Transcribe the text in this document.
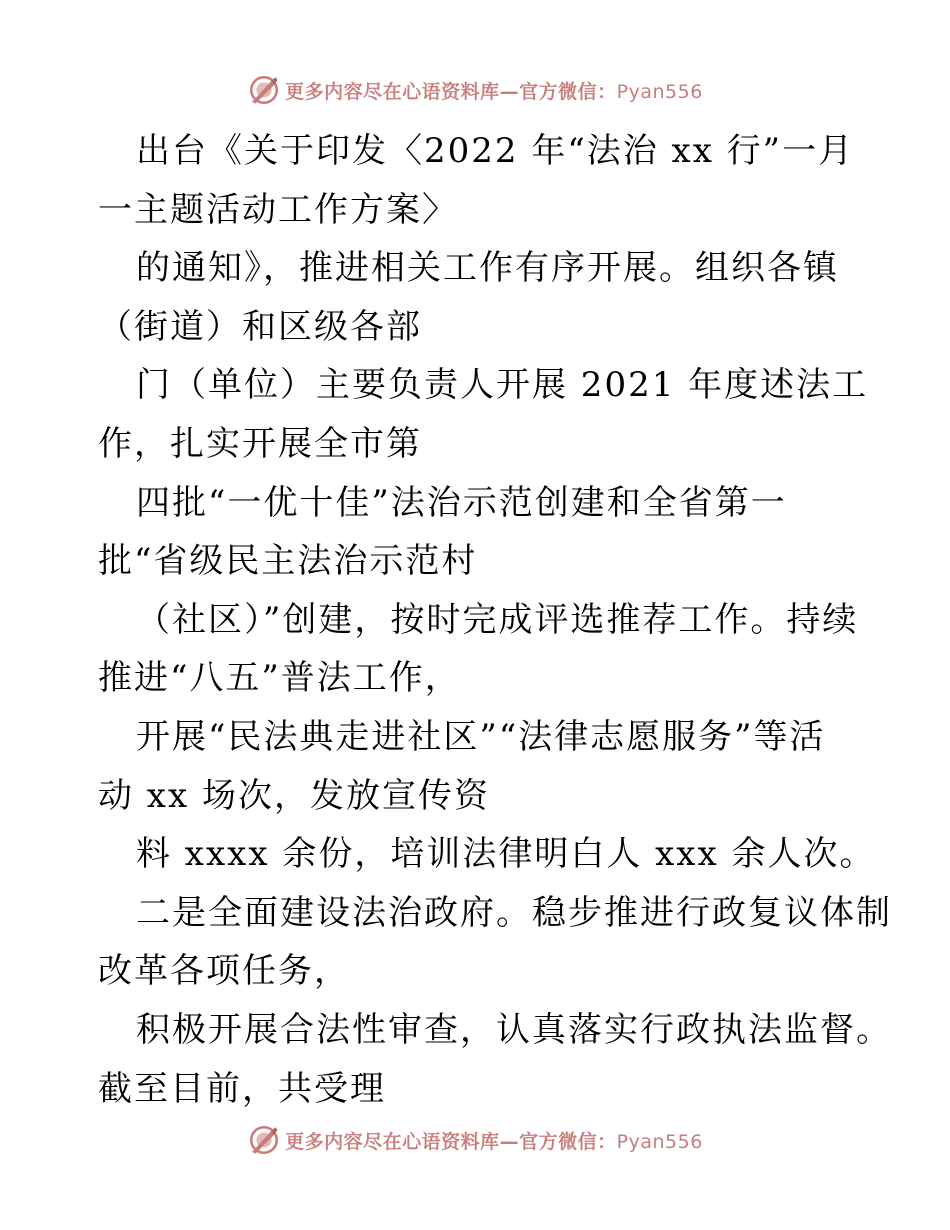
更多内容尽在心语资料库—官方微信：Pyan556
出台《关于印发〈2022 年“法治 xx 行”一月
一主题活动工作方案〉
的通知》，推进相关工作有序开展。组织各镇
（街道）和区级各部
门（单位）主要负责人开展 2021 年度述法工
作，扎实开展全市第
四批“一优十佳”法治示范创建和全省第一
批“省级民主法治示范村
（社区）”创建，按时完成评选推荐工作。持续
推进“八五”普法工作，
开展“民法典走进社区”“法律志愿服务”等活
动 xx 场次，发放宣传资
料 xxxx 余份，培训法律明白人 xxx 余人次。
二是全面建设法治政府。稳步推进行政复议体制
改革各项任务，
积极开展合法性审查，认真落实行政执法监督。
截至目前，共受理
更多内容尽在心语资料库—官方微信：Pyan556
